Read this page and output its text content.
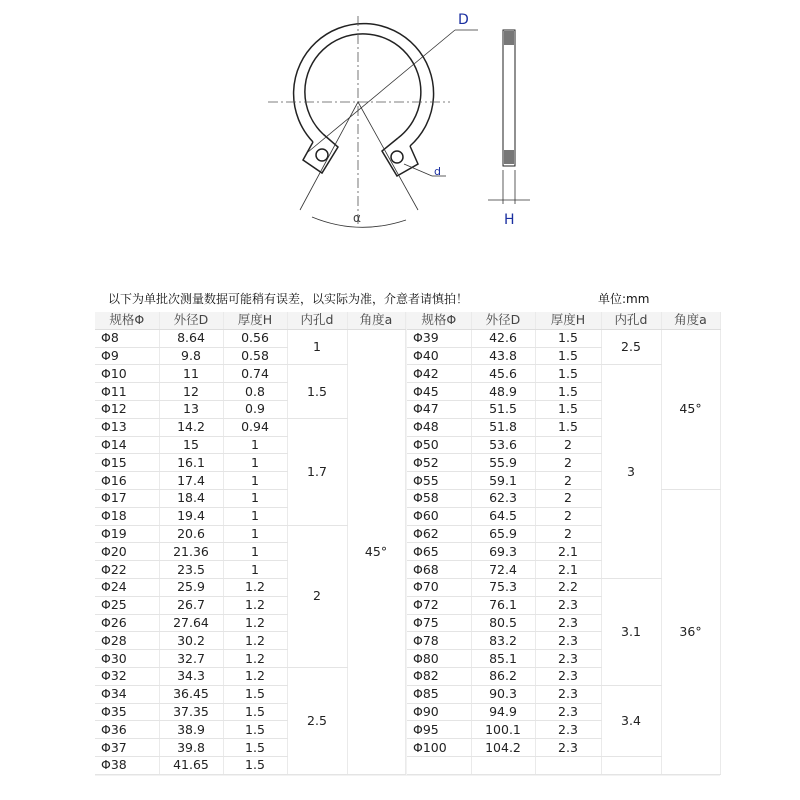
D
d
α	H
以下为单批次测量数据可能稍有误差，以实际为准，介意者请慎拍！	单位:mm
规格Φ	外径D	厚度H	内孔d	角度a
Φ8	8.64	0.56	1	45°
Φ9	9.8	0.58		
Φ10	11	0.74	1.5	
Φ11	12	0.8		
Φ12	13	0.9		
Φ13	14.2	0.94	1.7	
Φ14	15	1		
Φ15	16.1	1		
Φ16	17.4	1		
Φ17	18.4	1		
Φ18	19.4	1		
Φ19	20.6	1	2	
Φ20	21.36	1		
Φ22	23.5	1		
Φ24	25.9	1.2		
Φ25	26.7	1.2		
Φ26	27.64	1.2		
Φ28	30.2	1.2		
Φ30	32.7	1.2		
Φ32	34.3	1.2	2.5	
Φ34	36.45	1.5		
Φ35	37.35	1.5		
Φ36	38.9	1.5		
Φ37	39.8	1.5		
Φ38	41.65	1.5		
规格Φ	外径D	厚度H	内孔d	角度a
Φ39	42.6	1.5	2.5	45°
Φ40	43.8	1.5		
Φ42	45.6	1.5	3	
Φ45	48.9	1.5		
Φ47	51.5	1.5		
Φ48	51.8	1.5		
Φ50	53.6	2		
Φ52	55.9	2		
Φ55	59.1	2		
Φ58	62.3	2		36°
Φ60	64.5	2		
Φ62	65.9	2		
Φ65	69.3	2.1		
Φ68	72.4	2.1		
Φ70	75.3	2.2	3.1	
Φ72	76.1	2.3		
Φ75	80.5	2.3		
Φ78	83.2	2.3		
Φ80	85.1	2.3		
Φ82	86.2	2.3		
Φ85	90.3	2.3	3.4	
Φ90	94.9	2.3		
Φ95	100.1	2.3		
Φ100	104.2	2.3		
